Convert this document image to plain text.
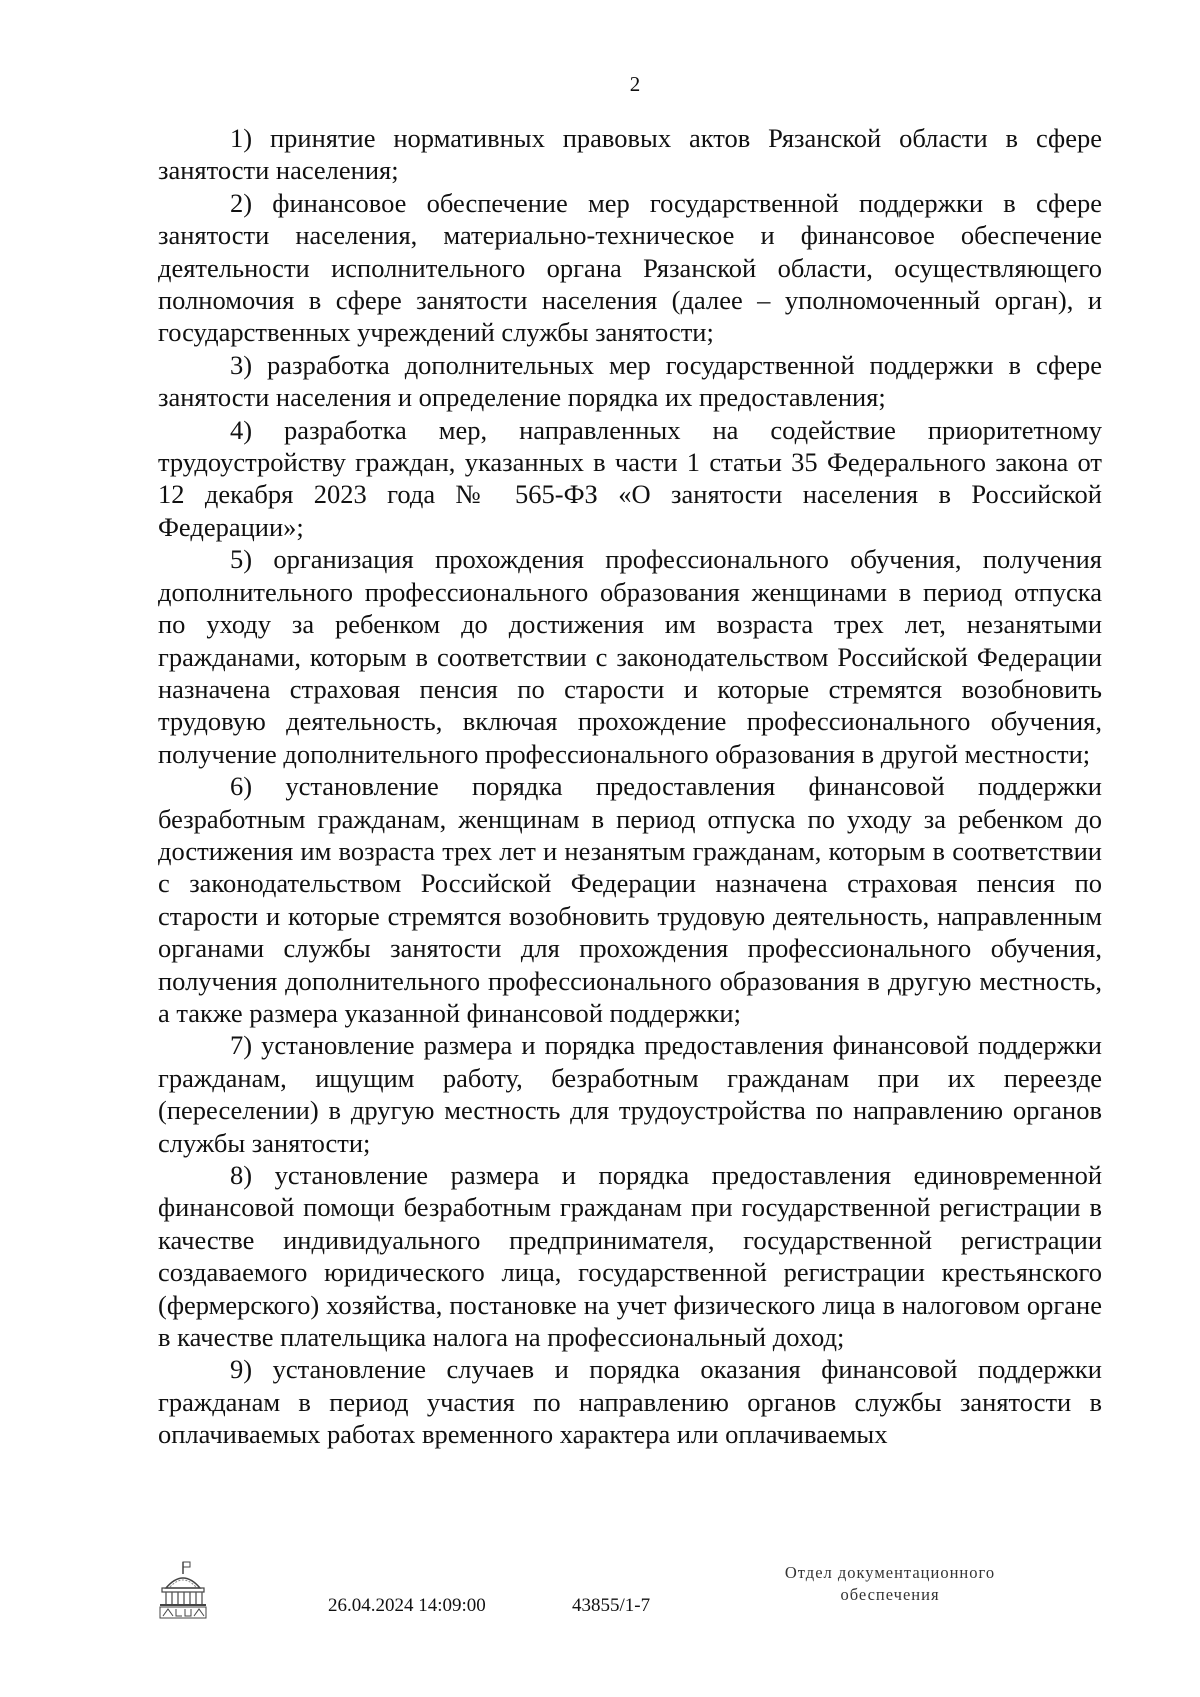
2

1) принятие нормативных правовых актов Рязанской области в сфере занятости населения;

2) финансовое обеспечение мер государственной поддержки в сфере занятости населения, материально-техническое и финансовое обеспечение деятельности исполнительного органа Рязанской области, осуществляющего полномочия в сфере занятости населения (далее – уполномоченный орган), и государственных учреждений службы занятости;

3) разработка дополнительных мер государственной поддержки в сфере занятости населения и определение порядка их предоставления;

4) разработка мер, направленных на содействие приоритетному трудоустройству граждан, указанных в части 1 статьи 35 Федерального закона от 12 декабря 2023 года № 565-ФЗ «О занятости населения в Российской Федерации»;

5) организация прохождения профессионального обучения, получения дополнительного профессионального образования женщинами в период отпуска по уходу за ребенком до достижения им возраста трех лет, незанятыми гражданами, которым в соответствии с законодательством Российской Федерации назначена страховая пенсия по старости и которые стремятся возобновить трудовую деятельность, включая прохождение профессионального обучения, получение дополнительного профессионального образования в другой местности;

6) установление порядка предоставления финансовой поддержки безработным гражданам, женщинам в период отпуска по уходу за ребенком до достижения им возраста трех лет и незанятым гражданам, которым в соответствии с законодательством Российской Федерации назначена страховая пенсия по старости и которые стремятся возобновить трудовую деятельность, направленным органами службы занятости для прохождения профессионального обучения, получения дополнительного профессионального образования в другую местность, а также размера указанной финансовой поддержки;

7) установление размера и порядка предоставления финансовой поддержки гражданам, ищущим работу, безработным гражданам при их переезде (переселении) в другую местность для трудоустройства по направлению органов службы занятости;

8) установление размера и порядка предоставления единовременной финансовой помощи безработным гражданам при государственной регистрации в качестве индивидуального предпринимателя, государственной регистрации создаваемого юридического лица, государственной регистрации крестьянского (фермерского) хозяйства, постановке на учет физического лица в налоговом органе в качестве плательщика налога на профессиональный доход;

9) установление случаев и порядка оказания финансовой поддержки гражданам в период участия по направлению органов службы занятости в оплачиваемых работах временного характера или оплачиваемых

26.04.2024 14:09:00	43855/1-7
Отдел документационного
обеспечения
